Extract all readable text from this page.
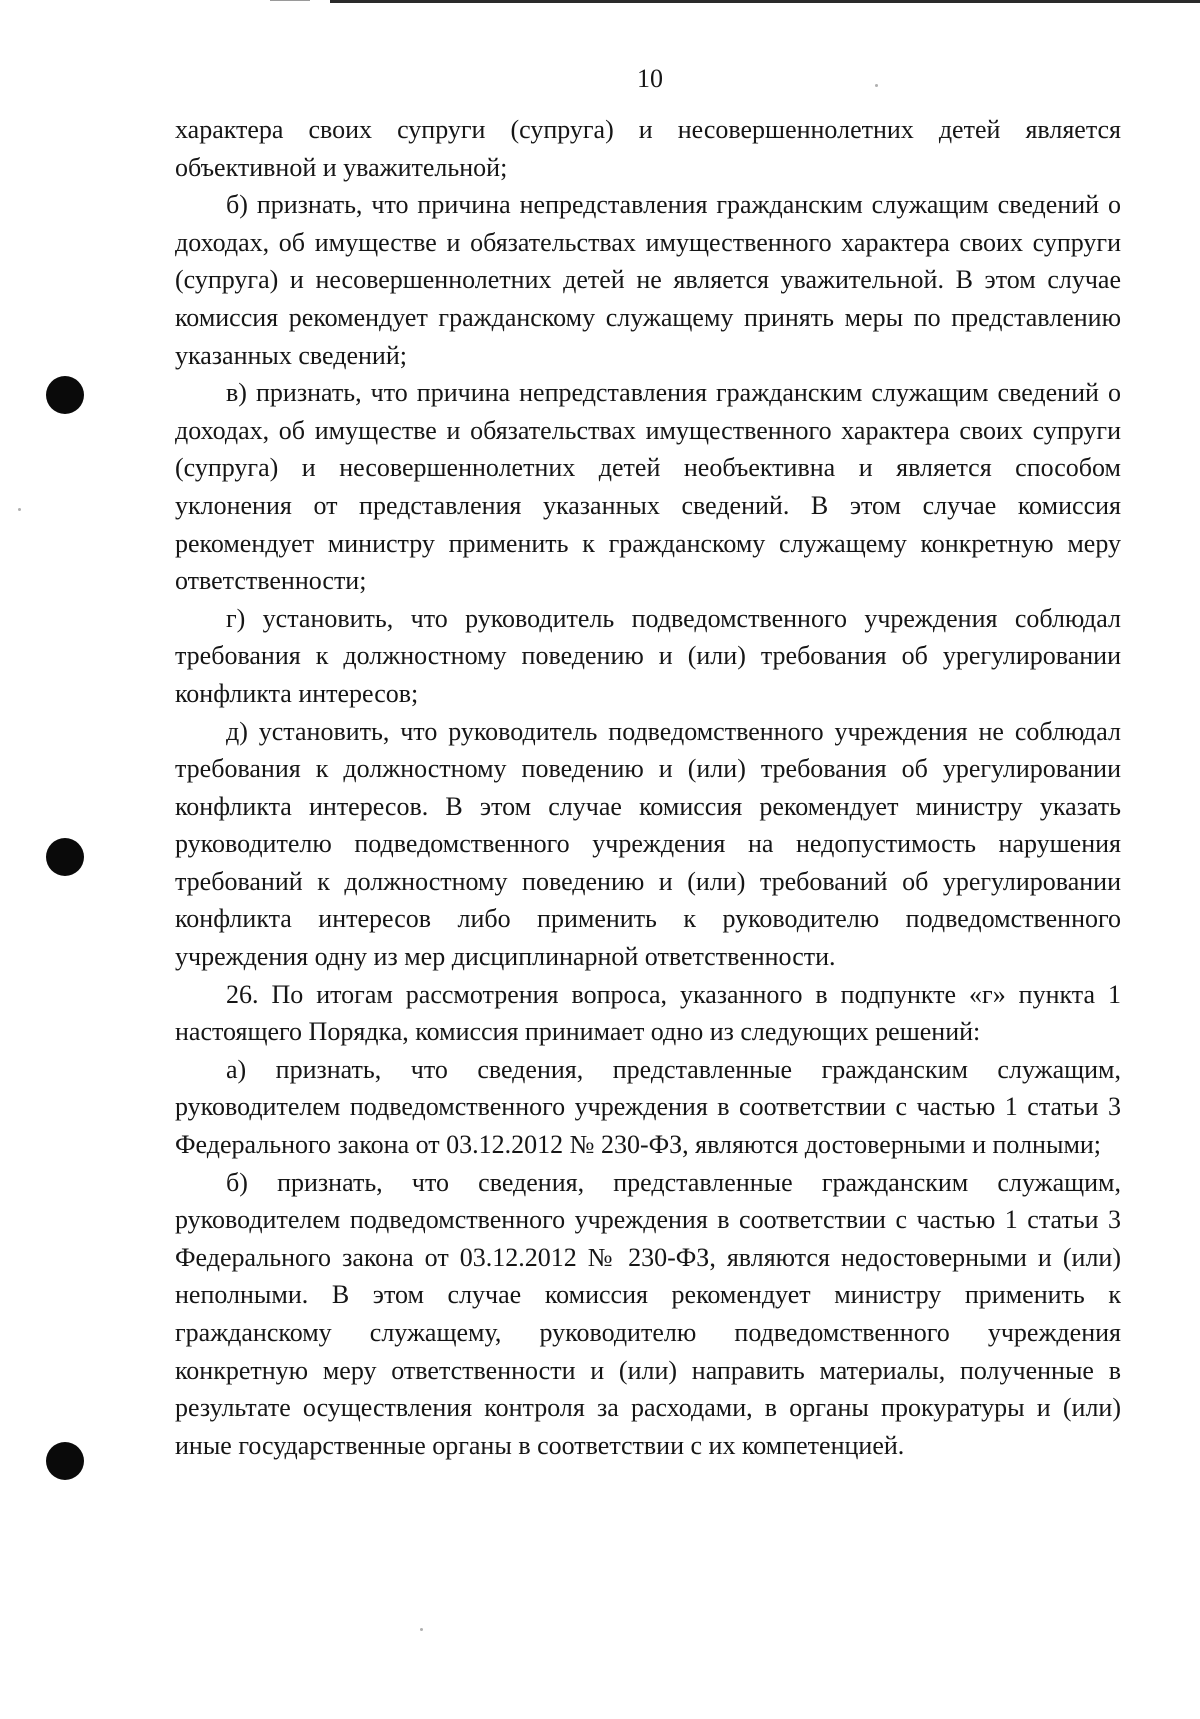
10

характера своих супруги (супруга) и несовершеннолетних детей является объективной и уважительной;

б) признать, что причина непредставления гражданским служащим сведений о доходах, об имуществе и обязательствах имущественного характера своих супруги (супруга) и несовершеннолетних детей не является уважительной. В этом случае комиссия рекомендует гражданскому служащему принять меры по представлению указанных сведений;

в) признать, что причина непредставления гражданским служащим сведений о доходах, об имуществе и обязательствах имущественного характера своих супруги (супруга) и несовершеннолетних детей необъективна и является способом уклонения от представления указанных сведений. В этом случае комиссия рекомендует министру применить к гражданскому служащему конкретную меру ответственности;

г) установить, что руководитель подведомственного учреждения соблюдал требования к должностному поведению и (или) требования об урегулировании конфликта интересов;

д) установить, что руководитель подведомственного учреждения не соблюдал требования к должностному поведению и (или) требования об урегулировании конфликта интересов. В этом случае комиссия рекомендует министру указать руководителю подведомственного учреждения на недопустимость нарушения требований к должностному поведению и (или) требований об урегулировании конфликта интересов либо применить к руководителю подведомственного учреждения одну из мер дисциплинарной ответственности.

26. По итогам рассмотрения вопроса, указанного в подпункте «г» пункта 1 настоящего Порядка, комиссия принимает одно из следующих решений:

а) признать, что сведения, представленные гражданским служащим, руководителем подведомственного учреждения в соответствии с частью 1 статьи 3 Федерального закона от 03.12.2012 № 230-ФЗ, являются достоверными и полными;

б) признать, что сведения, представленные гражданским служащим, руководителем подведомственного учреждения в соответствии с частью 1 статьи 3 Федерального закона от 03.12.2012 № 230-ФЗ, являются недостоверными и (или) неполными. В этом случае комиссия рекомендует министру применить к гражданскому служащему, руководителю подведомственного учреждения конкретную меру ответственности и (или) направить материалы, полученные в результате осуществления контроля за расходами, в органы прокуратуры и (или) иные государственные органы в соответствии с их компетенцией.
